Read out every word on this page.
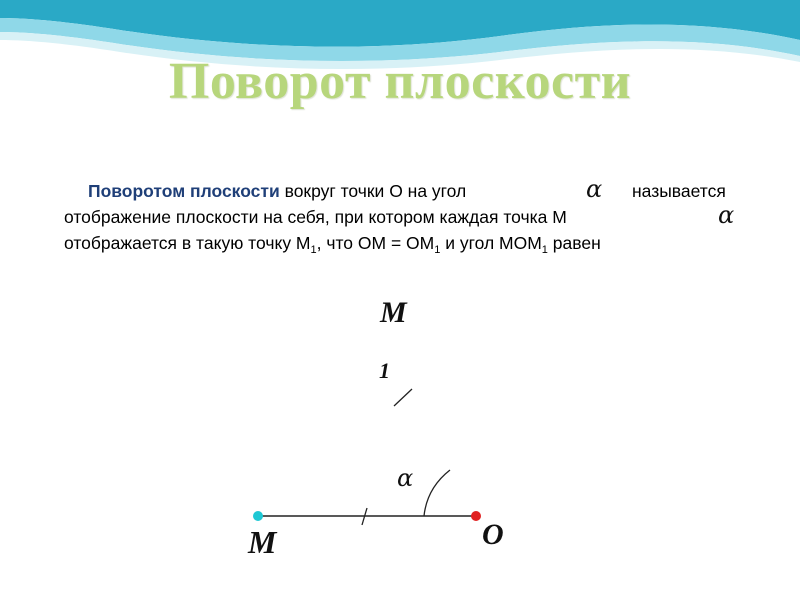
Поворот плоскости
Поворотом плоскости вокруг точки О на угол	α называется
отображение плоскости на себя, при котором каждая точка М	α
отображается в такую точку $М_1$, что ОМ = $ОМ_1$ и угол $МОМ_1$ равен
М
1
α
М	О
